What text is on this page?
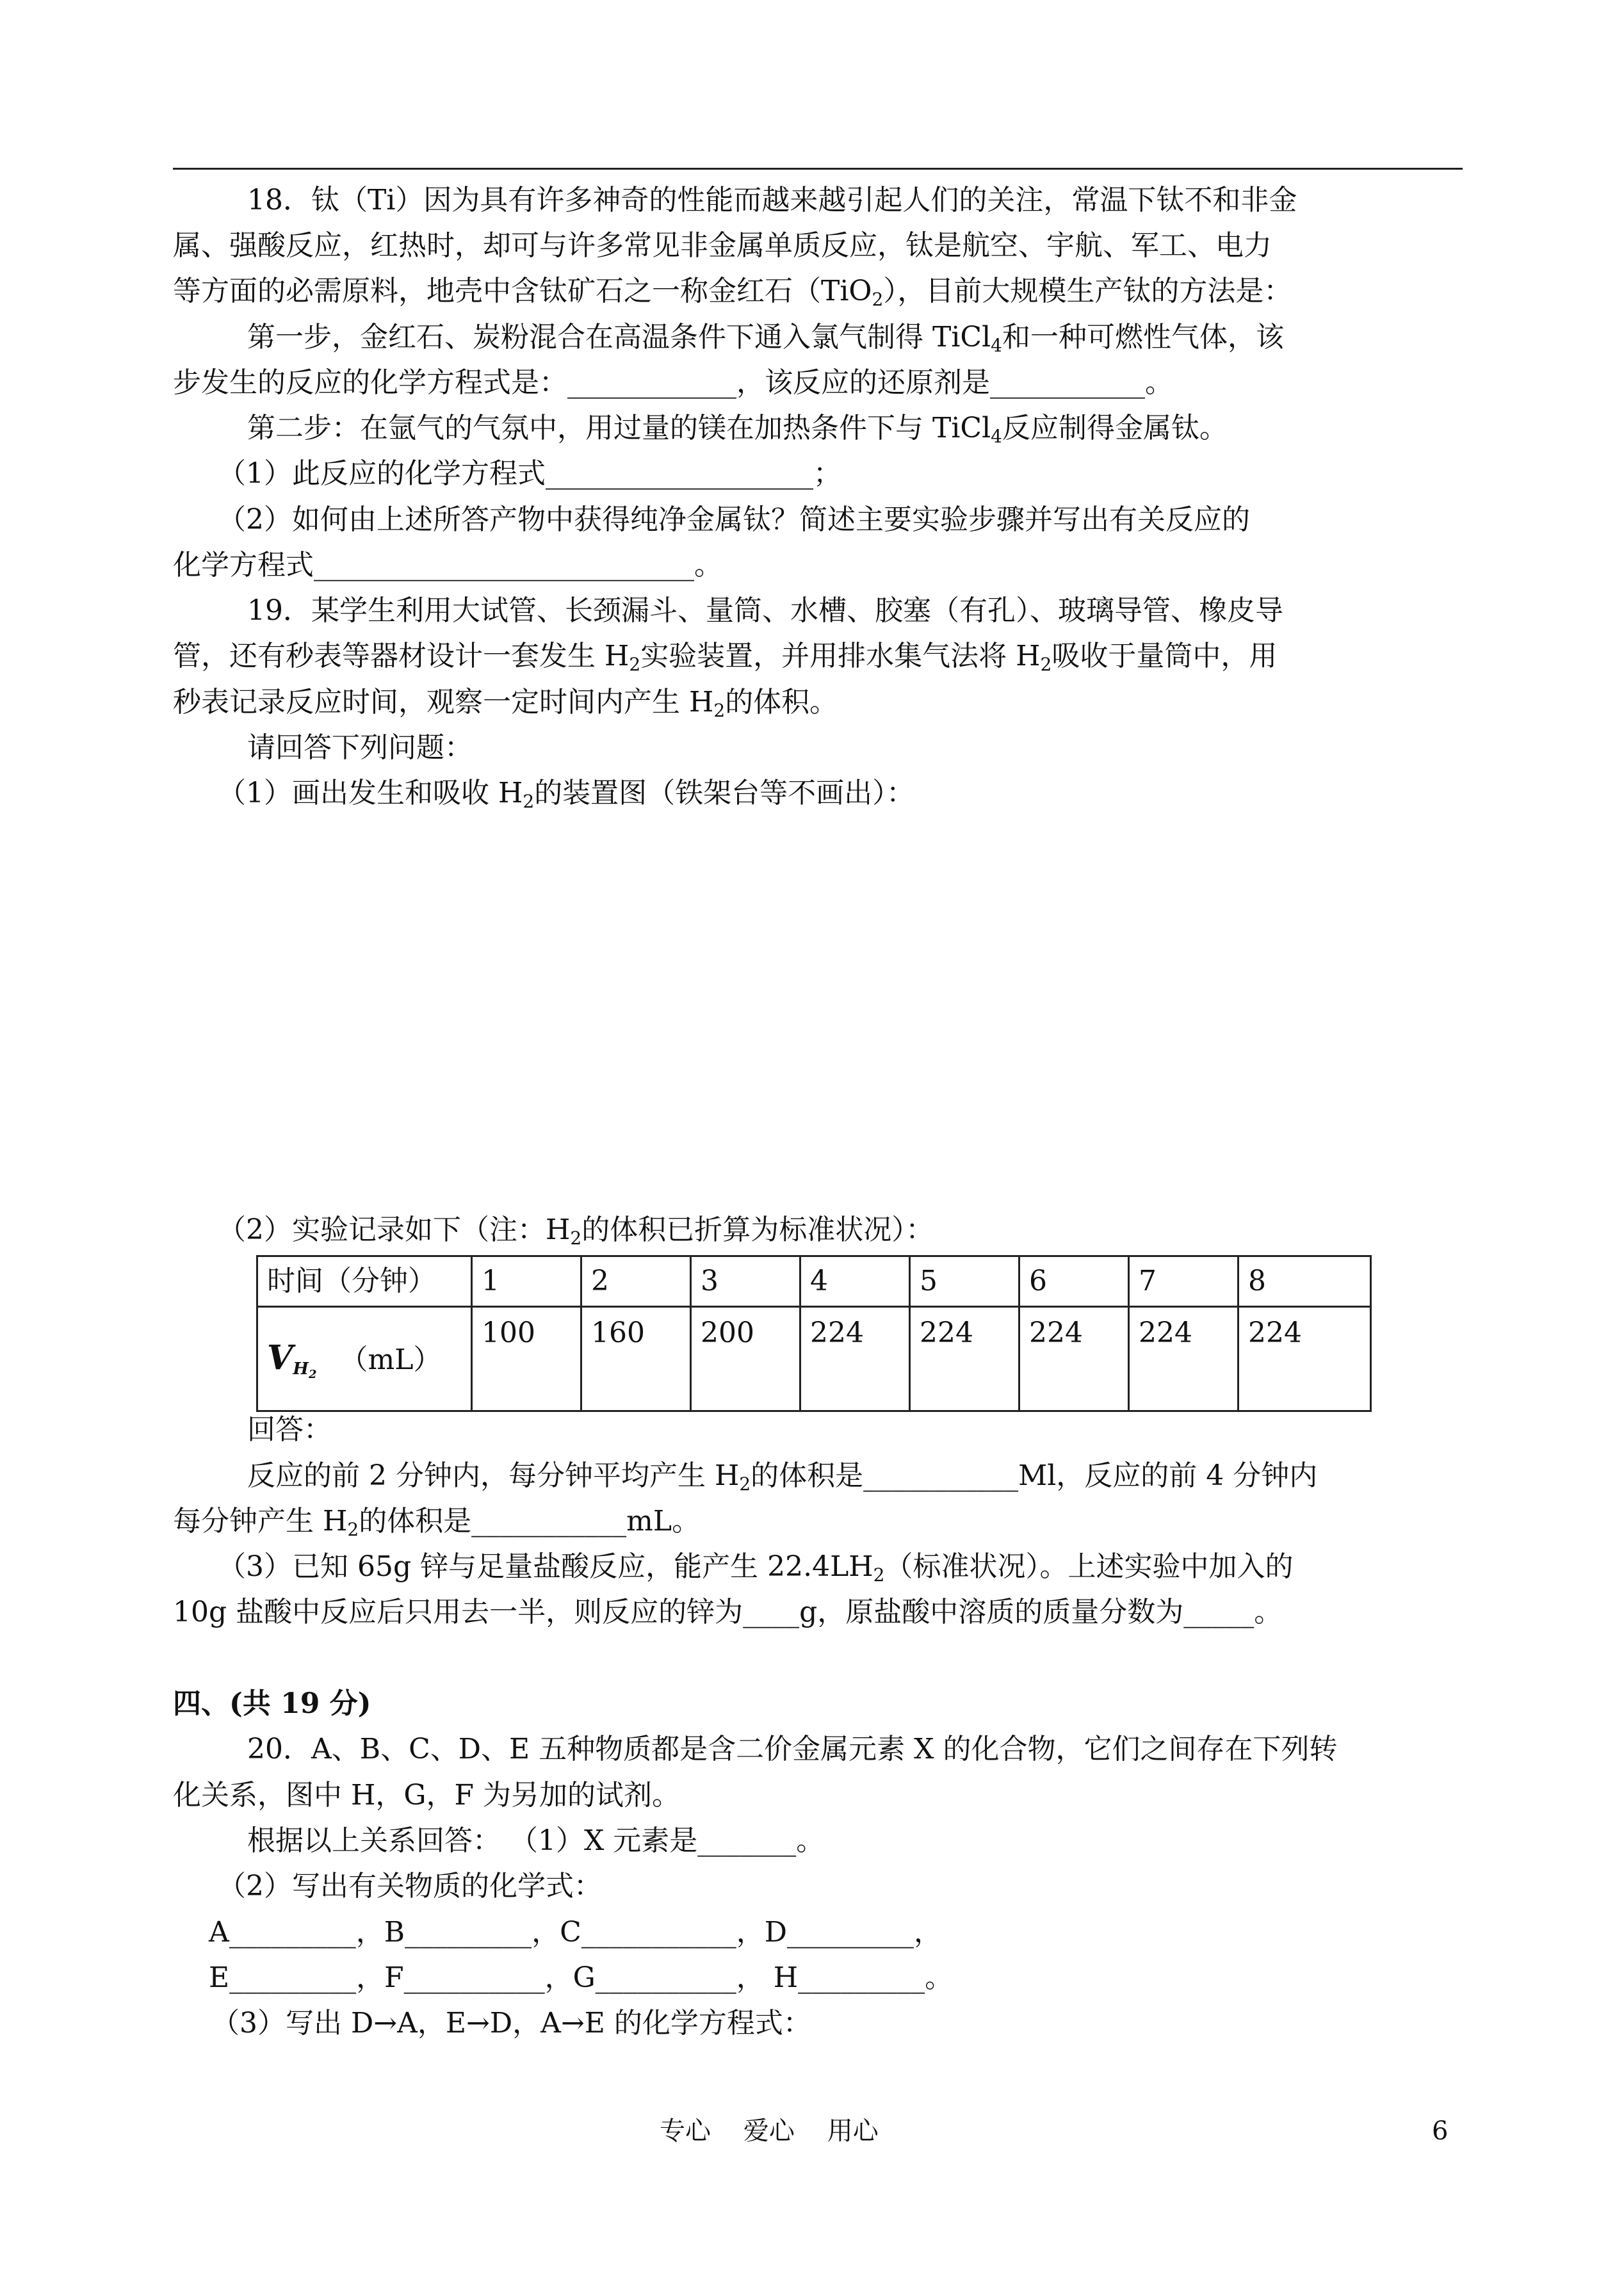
18．钛（Ti）因为具有许多神奇的性能而越来越引起人们的关注，常温下钛不和非金
属、强酸反应，红热时，却可与许多常见非金属单质反应，钛是航空、宇航、军工、电力
等方面的必需原料，地壳中含钛矿石之一称金红石（TiO$_2$），目前大规模生产钛的方法是：
第一步，金红石、炭粉混合在高温条件下通入氯气制得 TiCl$_4$和一种可燃性气体，该
步发生的反应的化学方程式是：____________，该反应的还原剂是___________。
第二步：在氩气的气氛中，用过量的镁在加热条件下与 TiCl$_4$反应制得金属钛。
（1）此反应的化学方程式___________________；
（2）如何由上述所答产物中获得纯净金属钛？简述主要实验步骤并写出有关反应的
化学方程式___________________________。
19．某学生利用大试管、长颈漏斗、量筒、水槽、胶塞（有孔）、玻璃导管、橡皮导
管，还有秒表等器材设计一套发生 $H_2$实验装置，并用排水集气法将 $H_2$吸收于量筒中，用
秒表记录反应时间，观察一定时间内产生 $H_2$的体积。
请回答下列问题：
（1）画出发生和吸收 $H_2$的装置图（铁架台等不画出）：
（2）实验记录如下（注：$H_2$的体积已折算为标准状况）：
时间（分钟）	1	2	3	4	5	6	7	8
$V_{H_2}$ （mL）	100	160	200	224	224	224	224	224
回答：
反应的前 2 分钟内，每分钟平均产生 $H_2$的体积是___________Ml，反应的前 4 分钟内
每分钟产生 $H_2$的体积是___________mL。
（3）已知 65g 锌与足量盐酸反应，能产生 $22.4LH_2$（标准状况）。上述实验中加入的
10g 盐酸中反应后只用去一半，则反应的锌为____g，原盐酸中溶质的质量分数为_____。
四、(共 19 分)
20．A、B、C、D、E 五种物质都是含二价金属元素 X 的化合物，它们之间存在下列转
化关系，图中 H，G，F 为另加的试剂。
根据以上关系回答： （1）X 元素是_______。
（2）写出有关物质的化学式：
A_________，B_________，C___________，D_________，
E_________，F__________，G__________， H_________。
（3）写出 D→A，E→D，A→E 的化学方程式：
专心    爱心    用心	6
